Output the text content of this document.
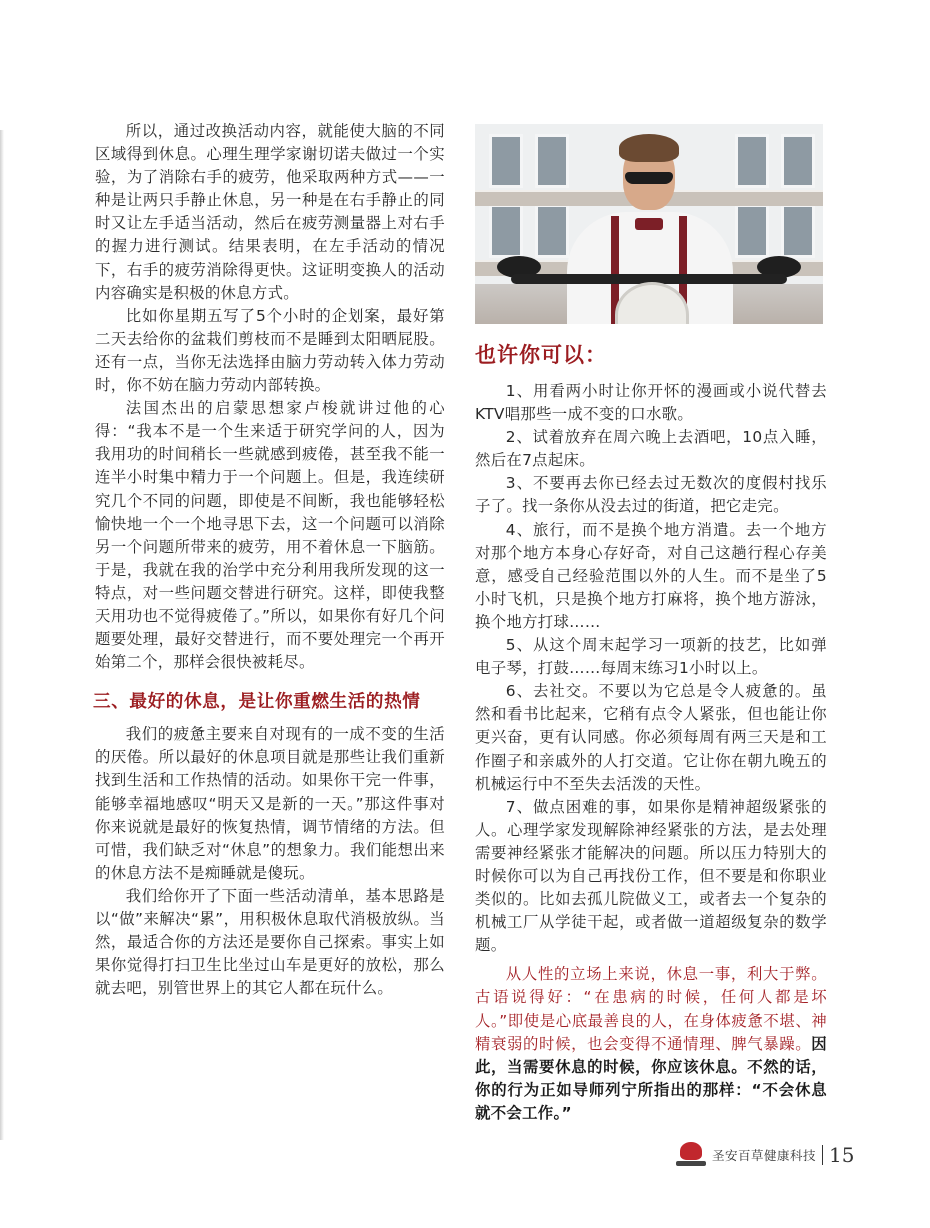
所以，通过改换活动内容，就能使大脑的不同区域得到休息。心理生理学家谢切诺夫做过一个实验，为了消除右手的疲劳，他采取两种方式——一种是让两只手静止休息，另一种是在右手静止的同时又让左手适当活动，然后在疲劳测量器上对右手的握力进行测试。结果表明，在左手活动的情况下，右手的疲劳消除得更快。这证明变换人的活动内容确实是积极的休息方式。

比如你星期五写了5个小时的企划案，最好第二天去给你的盆栽们剪枝而不是睡到太阳晒屁股。还有一点，当你无法选择由脑力劳动转入体力劳动时，你不妨在脑力劳动内部转换。

法国杰出的启蒙思想家卢梭就讲过他的心得：“我本不是一个生来适于研究学问的人，因为我用功的时间稍长一些就感到疲倦，甚至我不能一连半小时集中精力于一个问题上。但是，我连续研究几个不同的问题，即使是不间断，我也能够轻松愉快地一个一个地寻思下去，这一个问题可以消除另一个问题所带来的疲劳，用不着休息一下脑筋。于是，我就在我的治学中充分利用我所发现的这一特点，对一些问题交替进行研究。这样，即使我整天用功也不觉得疲倦了。”所以，如果你有好几个问题要处理，最好交替进行，而不要处理完一个再开始第二个，那样会很快被耗尽。

三、最好的休息，是让你重燃生活的热情

我们的疲惫主要来自对现有的一成不变的生活的厌倦。所以最好的休息项目就是那些让我们重新找到生活和工作热情的活动。如果你干完一件事，能够幸福地感叹“明天又是新的一天。”那这件事对你来说就是最好的恢复热情，调节情绪的方法。但可惜，我们缺乏对“休息”的想象力。我们能想出来的休息方法不是痴睡就是傻玩。

我们给你开了下面一些活动清单，基本思路是以“做”来解决“累”，用积极休息取代消极放纵。当然，最适合你的方法还是要你自己探索。事实上如果你觉得打扫卫生比坐过山车是更好的放松，那么就去吧，别管世界上的其它人都在玩什么。

也许你可以：

1、用看两小时让你开怀的漫画或小说代替去KTV唱那些一成不变的口水歌。

2、试着放弃在周六晚上去酒吧，10点入睡，然后在7点起床。

3、不要再去你已经去过无数次的度假村找乐子了。找一条你从没去过的街道，把它走完。

4、旅行，而不是换个地方消遣。去一个地方对那个地方本身心存好奇，对自己这趟行程心存美意，感受自己经验范围以外的人生。而不是坐了5小时飞机，只是换个地方打麻将，换个地方游泳，换个地方打球……

5、从这个周末起学习一项新的技艺，比如弹电子琴，打鼓……每周末练习1小时以上。

6、去社交。不要以为它总是令人疲惫的。虽然和看书比起来，它稍有点令人紧张，但也能让你更兴奋，更有认同感。你必须每周有两三天是和工作圈子和亲戚外的人打交道。它让你在朝九晚五的机械运行中不至失去活泼的天性。

7、做点困难的事，如果你是精神超级紧张的人。心理学家发现解除神经紧张的方法，是去处理需要神经紧张才能解决的问题。所以压力特别大的时候你可以为自己再找份工作，但不要是和你职业类似的。比如去孤儿院做义工，或者去一个复杂的机械工厂从学徒干起，或者做一道超级复杂的数学题。

从人性的立场上来说，休息一事，利大于弊。古语说得好：“在患病的时候，任何人都是坏人。”即使是心底最善良的人，在身体疲惫不堪、神精衰弱的时候，也会变得不通情理、脾气暴躁。因此，当需要休息的时候，你应该休息。不然的话，你的行为正如导师列宁所指出的那样：“不会休息就不会工作。”

圣安百草健康科技 15
